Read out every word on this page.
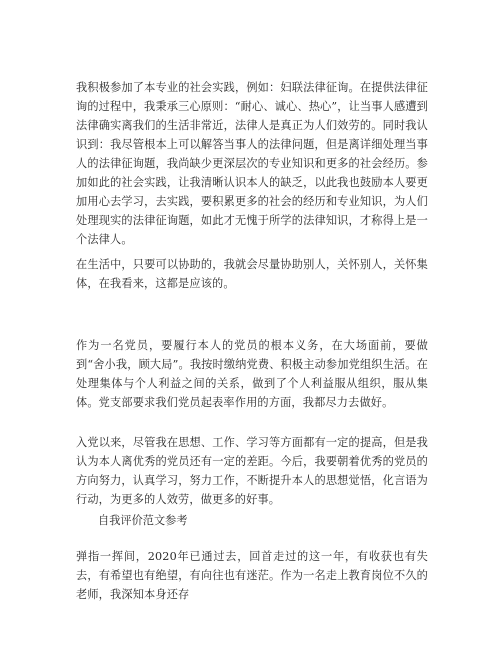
我积极参加了本专业的社会实践，例如：妇联法律征询。在提供法律征询的过程中，我秉承三心原则：“耐心、诚心、热心”，让当事人感遭到法律确实离我们的生活非常近，法律人是真正为人们效劳的。同时我认识到：我尽管根本上可以解答当事人的法律问题，但是离详细处理当事人的法律征询题，我尚缺少更深层次的专业知识和更多的社会经历。参加如此的社会实践，让我清晰认识本人的缺乏，以此我也鼓励本人要更加用心去学习，去实践，要积累更多的社会的经历和专业知识，为人们处理现实的法律征询题，如此才无愧于所学的法律知识，才称得上是一个法律人。

在生活中，只要可以协助的，我就会尽量协助别人，关怀别人，关怀集体，在我看来，这都是应该的。

作为一名党员，要履行本人的党员的根本义务，在大场面前，要做到“舍小我，顾大局”。我按时缴纳党费、积极主动参加党组织生活。在处理集体与个人利益之间的关系，做到了个人利益服从组织，服从集体。党支部要求我们党员起表率作用的方面，我都尽力去做好。

入党以来，尽管我在思想、工作、学习等方面都有一定的提高，但是我认为本人离优秀的党员还有一定的差距。今后，我要朝着优秀的党员的方向努力，认真学习，努力工作，不断提升本人的思想觉悟，化言语为行动，为更多的人效劳，做更多的好事。

自我评价范文参考

弹指一挥间，2020年已通过去，回首走过的这一年，有收获也有失去，有希望也有绝望，有向往也有迷茫。作为一名走上教育岗位不久的老师，我深知本身还存
